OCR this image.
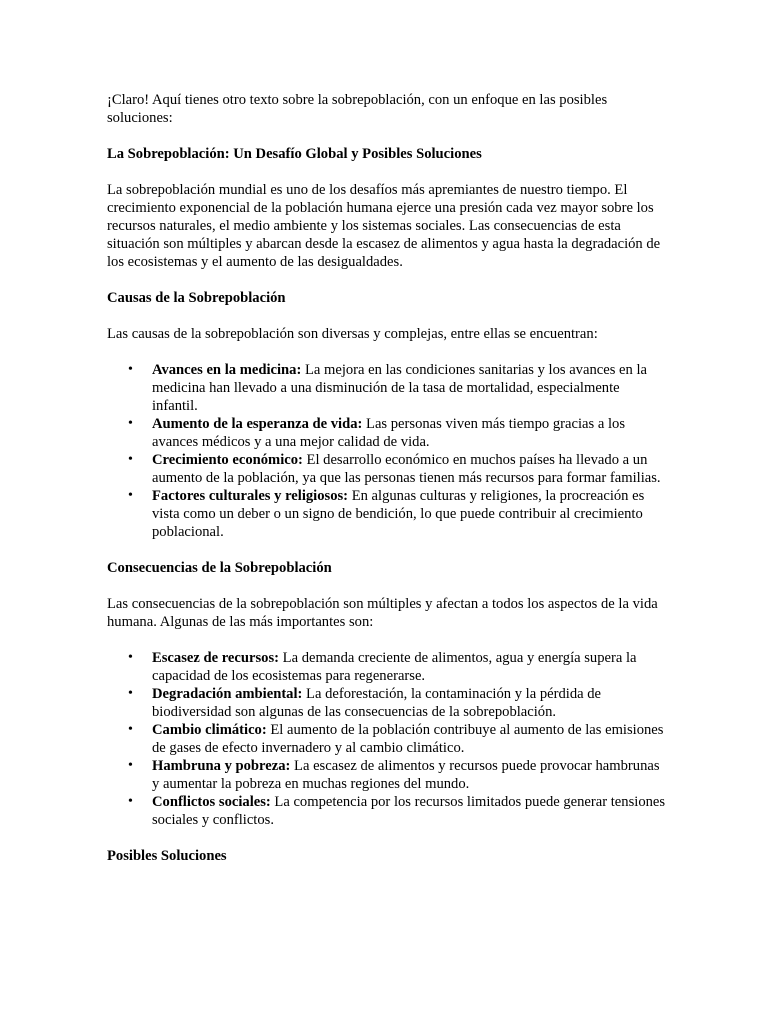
¡Claro! Aquí tienes otro texto sobre la sobrepoblación, con un enfoque en las posibles soluciones:

La Sobrepoblación: Un Desafío Global y Posibles Soluciones

La sobrepoblación mundial es uno de los desafíos más apremiantes de nuestro tiempo. El crecimiento exponencial de la población humana ejerce una presión cada vez mayor sobre los recursos naturales, el medio ambiente y los sistemas sociales. Las consecuencias de esta situación son múltiples y abarcan desde la escasez de alimentos y agua hasta la degradación de los ecosistemas y el aumento de las desigualdades.

Causas de la Sobrepoblación

Las causas de la sobrepoblación son diversas y complejas, entre ellas se encuentran:

• Avances en la medicina: La mejora en las condiciones sanitarias y los avances en la medicina han llevado a una disminución de la tasa de mortalidad, especialmente infantil.
• Aumento de la esperanza de vida: Las personas viven más tiempo gracias a los avances médicos y a una mejor calidad de vida.
• Crecimiento económico: El desarrollo económico en muchos países ha llevado a un aumento de la población, ya que las personas tienen más recursos para formar familias.
• Factores culturales y religiosos: En algunas culturas y religiones, la procreación es vista como un deber o un signo de bendición, lo que puede contribuir al crecimiento poblacional.

Consecuencias de la Sobrepoblación

Las consecuencias de la sobrepoblación son múltiples y afectan a todos los aspectos de la vida humana. Algunas de las más importantes son:

• Escasez de recursos: La demanda creciente de alimentos, agua y energía supera la capacidad de los ecosistemas para regenerarse.
• Degradación ambiental: La deforestación, la contaminación y la pérdida de biodiversidad son algunas de las consecuencias de la sobrepoblación.
• Cambio climático: El aumento de la población contribuye al aumento de las emisiones de gases de efecto invernadero y al cambio climático.
• Hambruna y pobreza: La escasez de alimentos y recursos puede provocar hambrunas y aumentar la pobreza en muchas regiones del mundo.
• Conflictos sociales: La competencia por los recursos limitados puede generar tensiones sociales y conflictos.

Posibles Soluciones
